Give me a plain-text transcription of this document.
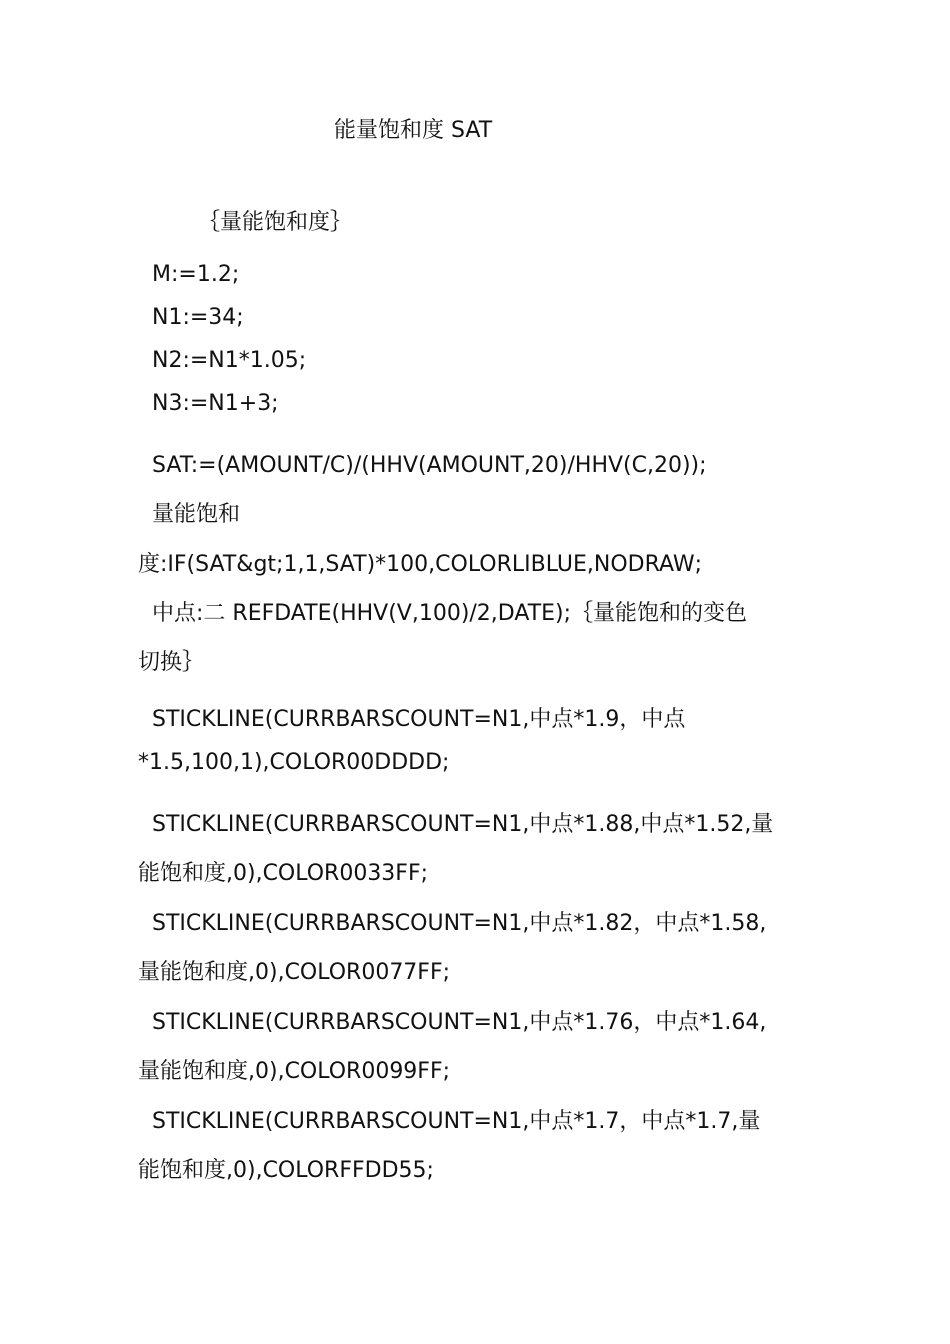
能量饱和度 SAT
｛量能饱和度｝
M:=1.2;
N1:=34;
N2:=N1*1.05;
N3:=N1+3;
SAT:=(AMOUNT/C)/(HHV(AMOUNT,20)/HHV(C,20));
量能饱和
度:IF(SAT&gt;1,1,SAT)*100,COLORLIBLUE,NODRAW;
中点:二 REFDATE(HHV(V,100)/2,DATE);｛量能饱和的变色
切换｝
STICKLINE(CURRBARSCOUNT=N1,中点*1.9，中点
*1.5,100,1),COLOR00DDDD;
STICKLINE(CURRBARSCOUNT=N1,中点*1.88,中点*1.52,量
能饱和度,0),COLOR0033FF;
STICKLINE(CURRBARSCOUNT=N1,中点*1.82，中点*1.58,
量能饱和度,0),COLOR0077FF;
STICKLINE(CURRBARSCOUNT=N1,中点*1.76，中点*1.64,
量能饱和度,0),COLOR0099FF;
STICKLINE(CURRBARSCOUNT=N1,中点*1.7，中点*1.7,量
能饱和度,0),COLORFFDD55;
